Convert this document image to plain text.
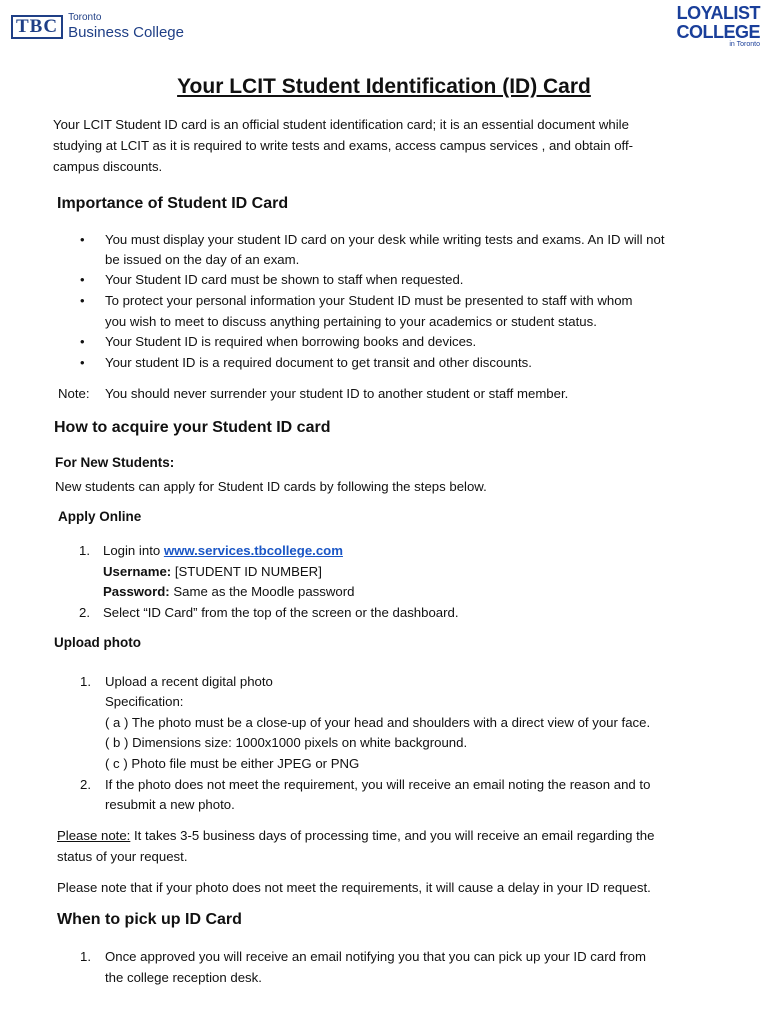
TBC	Toronto
Business College
LOYALIST
COLLEGE
in Toronto
Your LCIT Student Identification (ID) Card
Your LCIT Student ID card is an official student identification card; it is an essential document while
studying at LCIT as it is required to write tests and exams, access campus services , and obtain off-
campus discounts.
Importance of Student ID Card
• You must display your student ID card on your desk while writing tests and exams. An ID will not
be issued on the day of an exam.
• Your Student ID card must be shown to staff when requested.
• To protect your personal information your Student ID must be presented to staff with whom
you wish to meet to discuss anything pertaining to your academics or student status.
• Your Student ID is required when borrowing books and devices.
• Your student ID is a required document to get transit and other discounts.
Note: You should never surrender your student ID to another student or staff member.
How to acquire your Student ID card
For New Students:
New students can apply for Student ID cards by following the steps below.
Apply Online
1. Login into www.services.tbcollege.com
Username: [STUDENT ID NUMBER]
Password: Same as the Moodle password
2. Select “ID Card” from the top of the screen or the dashboard.
Upload photo
1. Upload a recent digital photo
Specification:
( a ) The photo must be a close-up of your head and shoulders with a direct view of your face.
( b ) Dimensions size: 1000x1000 pixels on white background.
( c ) Photo file must be either JPEG or PNG
2. If the photo does not meet the requirement, you will receive an email noting the reason and to
resubmit a new photo.
Please note: It takes 3-5 business days of processing time, and you will receive an email regarding the
status of your request.
Please note that if your photo does not meet the requirements, it will cause a delay in your ID request.
When to pick up ID Card
1. Once approved you will receive an email notifying you that you can pick up your ID card from
the college reception desk.
